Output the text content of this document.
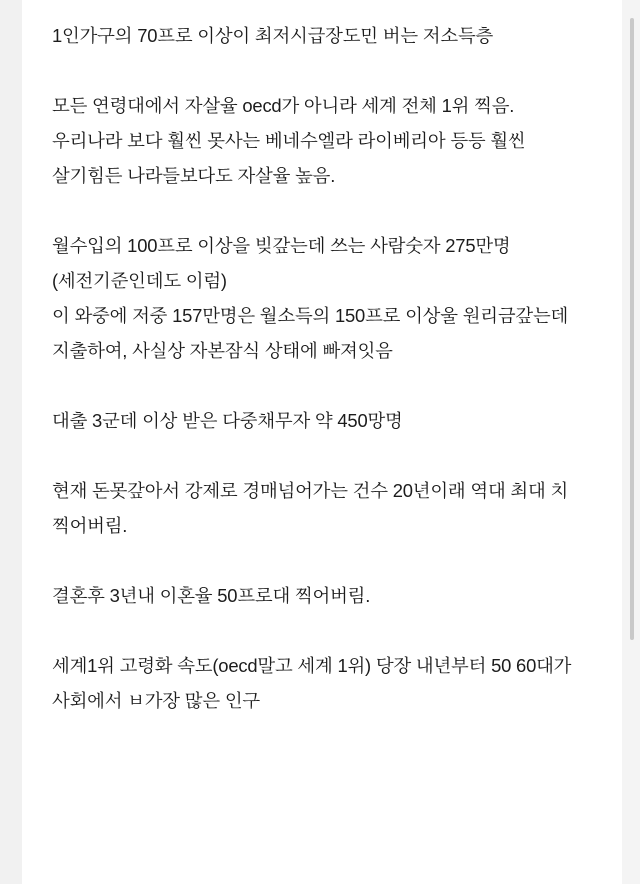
1인가구의 70프로 이상이 최저시급장도민 버는 저소득층

모든 연령대에서 자살율 oecd가 아니라 세계 전체 1위 찍음.

우리나라 보다 훨씬 못사는 베네수엘라 라이베리아 등등 훨씬 살기힘든 나라들보다도 자살율 높음.

월수입의 100프로 이상을 빚갚는데 쓰는 사람숫자 275만명

(세전기준인데도 이럼)

이 와중에 저중 157만명은 월소득의 150프로 이상울 원리금갚는데 지출하여, 사실상 자본잠식 상태에 빠져잇음

대출 3군데 이상 받은 다중채무자 약 450망명

현재 돈못갚아서 강제로 경매넘어가는 건수 20년이래 역대 최대 치 찍어버림.

결혼후 3년내 이혼율 50프로대 찍어버림.

세계1위 고령화 속도(oecd말고 세계 1위) 당장 내년부터 50 60대가 사회에서 ㅂ가장 많은 인구
